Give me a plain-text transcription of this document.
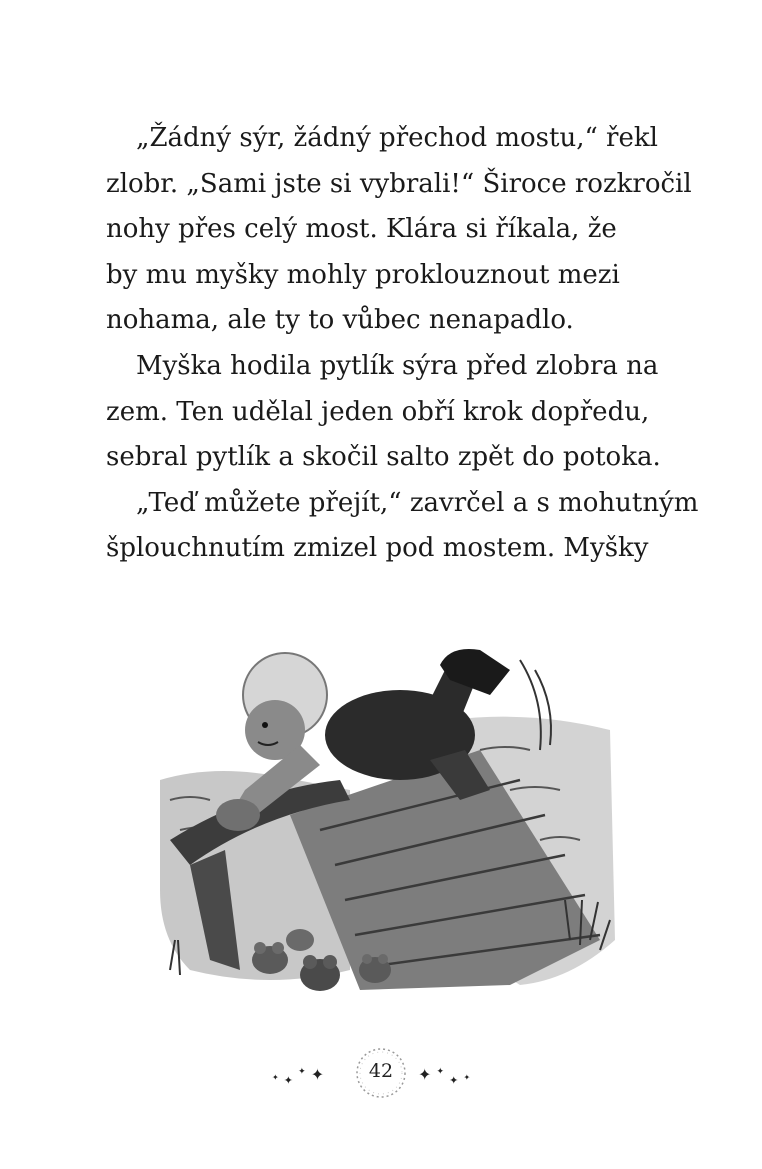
„Žádný sýr, žádný přechod mostu,“ řekl
zlobr. „Sami jste si vybrali!“ Široce rozkročil
nohy přes celý most. Klára si říkala, že
by mu myšky mohly proklouznout mezi
nohama, ale ty to vůbec nenapadlo.
Myška hodila pytlík sýra před zlobra na
zem. Ten udělal jeden obří krok dopředu,
sebral pytlík a skočil salto zpět do potoka.
„Teď můžete přejít,“ zavrčel a s mohutným
šplouchnutím zmizel pod mostem. Myšky
$_✦$ $_✦$ ✦ ✦	42	✦ ✦ $_✦$ $_✦$
